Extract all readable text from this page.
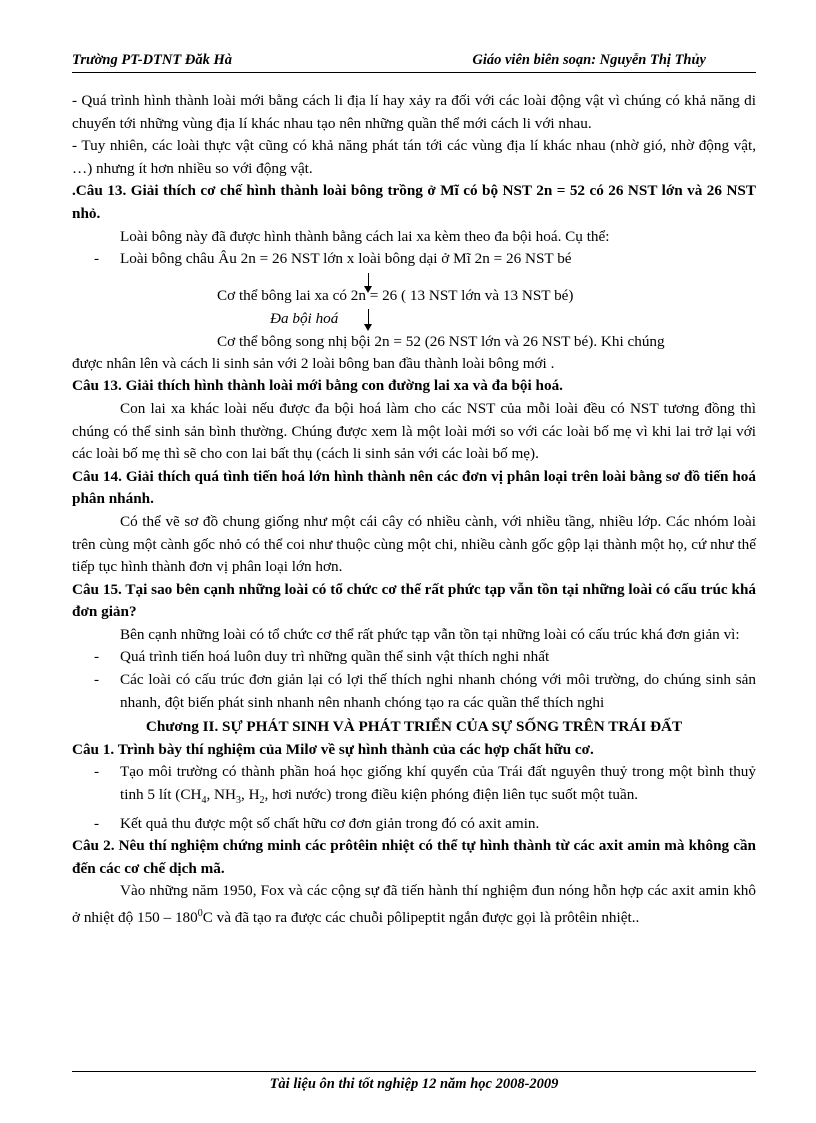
Trường PT-DTNT Đăk Hà	Giáo viên biên soạn: Nguyễn Thị Thủy

- Quá trình hình thành loài mới bằng cách li địa lí hay xảy ra đối với các loài động vật vì chúng có khả năng di chuyển tới những vùng địa lí khác nhau tạo nên những quần thể mới cách li với nhau.

- Tuy nhiên, các loài thực vật cũng có khả năng phát tán tới các vùng địa lí khác nhau (nhờ gió, nhờ động vật, …) nhưng ít hơn nhiều so với động vật.

.Câu 13. Giải thích cơ chế hình thành loài bông trồng ở Mĩ có bộ NST 2n = 52 có 26 NST lớn và 26 NST nhỏ.

Loài bông này đã được hình thành bằng cách lai xa kèm theo đa bội hoá. Cụ thể:

- Loài bông châu Âu 2n = 26 NST lớn x loài bông dại ở Mĩ 2n = 26 NST bé
Cơ thể bông lai xa có 2n = 26 ( 13 NST lớn và 13 NST bé)
Đa bội hoá
Cơ thể bông song nhị bội 2n = 52 (26 NST lớn và 26 NST bé). Khi chúng

được nhân lên và cách li sinh sản với 2 loài bông ban đầu thành loài bông mới .

Câu 13. Giải thích hình thành loài mới bằng con đường lai xa và đa bội hoá.

Con lai xa khác loài nếu được đa bội hoá làm cho các NST của mỗi loài đều có NST tương đồng thì chúng có thể sinh sản bình thường. Chúng được xem là một loài mới so với các loài bố mẹ vì khi lai trở lại với các loài bố mẹ thì sẽ cho con lai bất thụ (cách li sinh sản với các loài bố mẹ).

Câu 14. Giải thích quá tình tiến hoá lớn hình thành nên các đơn vị phân loại trên loài bằng sơ đồ tiến hoá phân nhánh.

Có thể vẽ sơ đồ chung giống như một cái cây có nhiều cành, với nhiều tầng, nhiều lớp. Các nhóm loài trên cùng một cành gốc nhỏ có thể coi như thuộc cùng một chi, nhiều cành gốc gộp lại thành một họ, cứ như thế tiếp tục hình thành đơn vị phân loại lớn hơn.

Câu 15. Tại sao bên cạnh những loài có tổ chức cơ thể rất phức tạp vẫn tồn tại những loài có cấu trúc khá đơn giản?

Bên cạnh những loài có tổ chức cơ thể rất phức tạp vẫn tồn tại những loài có cấu trúc khá đơn giản vì:

- Quá trình tiến hoá luôn duy trì những quần thể sinh vật thích nghi nhất
- Các loài có cấu trúc đơn giản lại có lợi thế thích nghi nhanh chóng với môi trường, do chúng sinh sản nhanh, đột biến phát sinh nhanh nên nhanh chóng tạo ra các quần thể thích nghi

Chương II. SỰ PHÁT SINH VÀ PHÁT TRIỂN CỦA SỰ SỐNG TRÊN TRÁI ĐẤT

Câu 1. Trình bày thí nghiệm của Milơ về sự hình thành của các hợp chất hữu cơ.

- Tạo môi trường có thành phần hoá học giống khí quyển của Trái đất nguyên thuỷ trong một bình thuỷ tinh 5 lít ($CH_4$, $NH_3$, $H_2$, hơi nước) trong điều kiện phóng điện liên tục suốt một tuần.
- Kết quả thu được một số chất hữu cơ đơn giản trong đó có axit amin.

Câu 2. Nêu thí nghiệm chứng minh các prôtêin nhiệt có thể tự hình thành từ các axit amin mà không cần đến các cơ chế dịch mã.

Vào những năm 1950, Fox và các cộng sự đã tiến hành thí nghiệm đun nóng hỗn hợp các axit amin khô ở nhiệt độ $150 - 180^0C$ và đã tạo ra được các chuỗi pôlipeptit ngắn được gọi là prôtêin nhiệt..

Tài liệu ôn thi tốt nghiệp 12 năm học 2008-2009
